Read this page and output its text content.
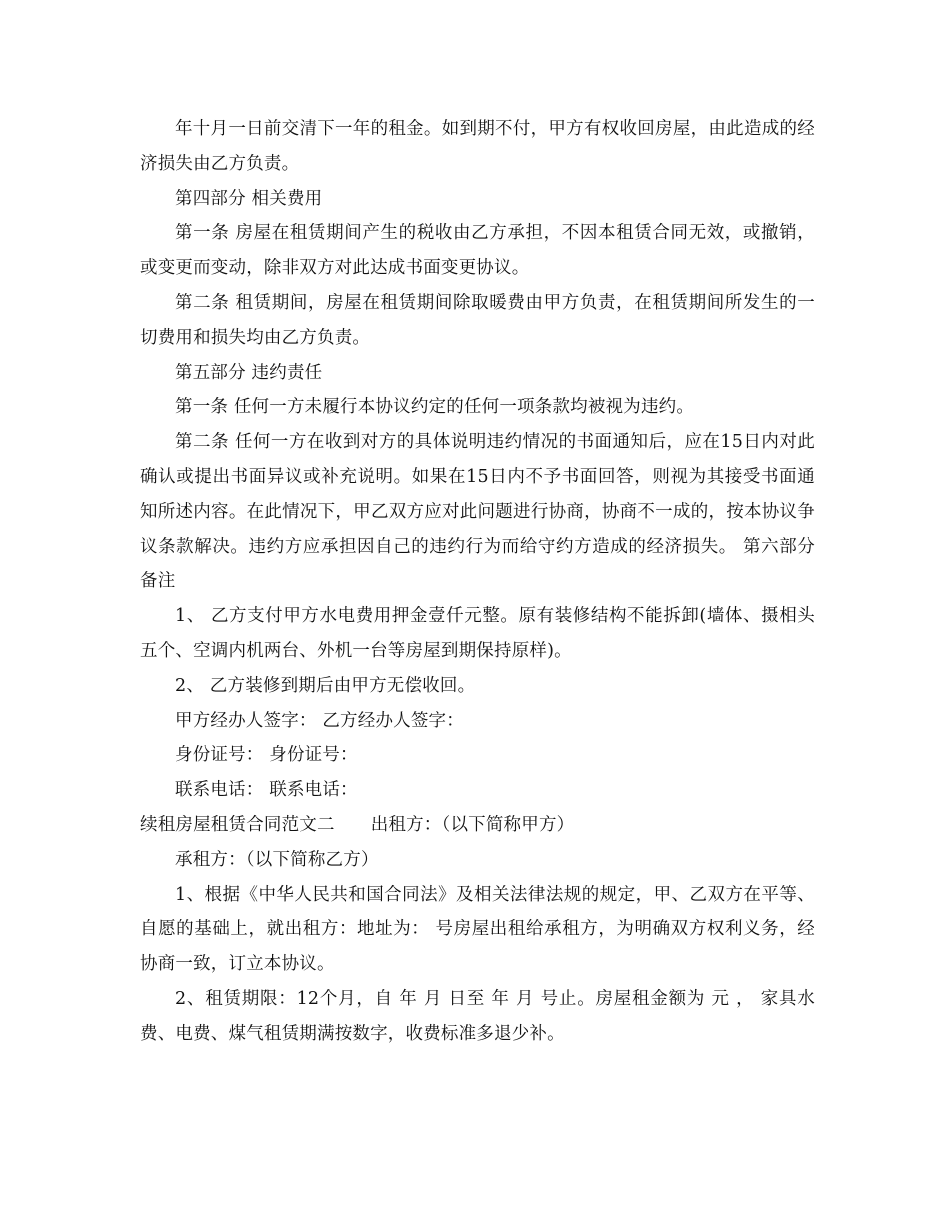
年十月一日前交清下一年的租金。如到期不付，甲方有权收回房屋，由此造成的经济损失由乙方负责。

第四部分 相关费用

第一条 房屋在租赁期间产生的税收由乙方承担，不因本租赁合同无效，或撤销，或变更而变动，除非双方对此达成书面变更协议。

第二条 租赁期间，房屋在租赁期间除取暖费由甲方负责，在租赁期间所发生的一切费用和损失均由乙方负责。

第五部分 违约责任

第一条 任何一方未履行本协议约定的任何一项条款均被视为违约。

第二条 任何一方在收到对方的具体说明违约情况的书面通知后，应在15日内对此确认或提出书面异议或补充说明。如果在15日内不予书面回答，则视为其接受书面通知所述内容。在此情况下，甲乙双方应对此问题进行协商，协商不一成的，按本协议争议条款解决。违约方应承担因自己的违约行为而给守约方造成的经济损失。 第六部分 备注

1、 乙方支付甲方水电费用押金壹仟元整。原有装修结构不能拆卸(墙体、摄相头五个、空调内机两台、外机一台等房屋到期保持原样)。

2、 乙方装修到期后由甲方无偿收回。

甲方经办人签字： 乙方经办人签字：

身份证号： 身份证号：

联系电话： 联系电话：

续租房屋租赁合同范文二 出租方：（以下简称甲方）

承租方：（以下简称乙方）

1、根据《中华人民共和国合同法》及相关法律法规的规定，甲、乙双方在平等、自愿的基础上，就出租方：地址为： 号房屋出租给承租方，为明确双方权利义务，经协商一致，订立本协议。

2、租赁期限：12个月，自 年 月 日至 年 月 号止。房屋租金额为 元 ， 家具水费、电费、煤气租赁期满按数字，收费标准多退少补。
